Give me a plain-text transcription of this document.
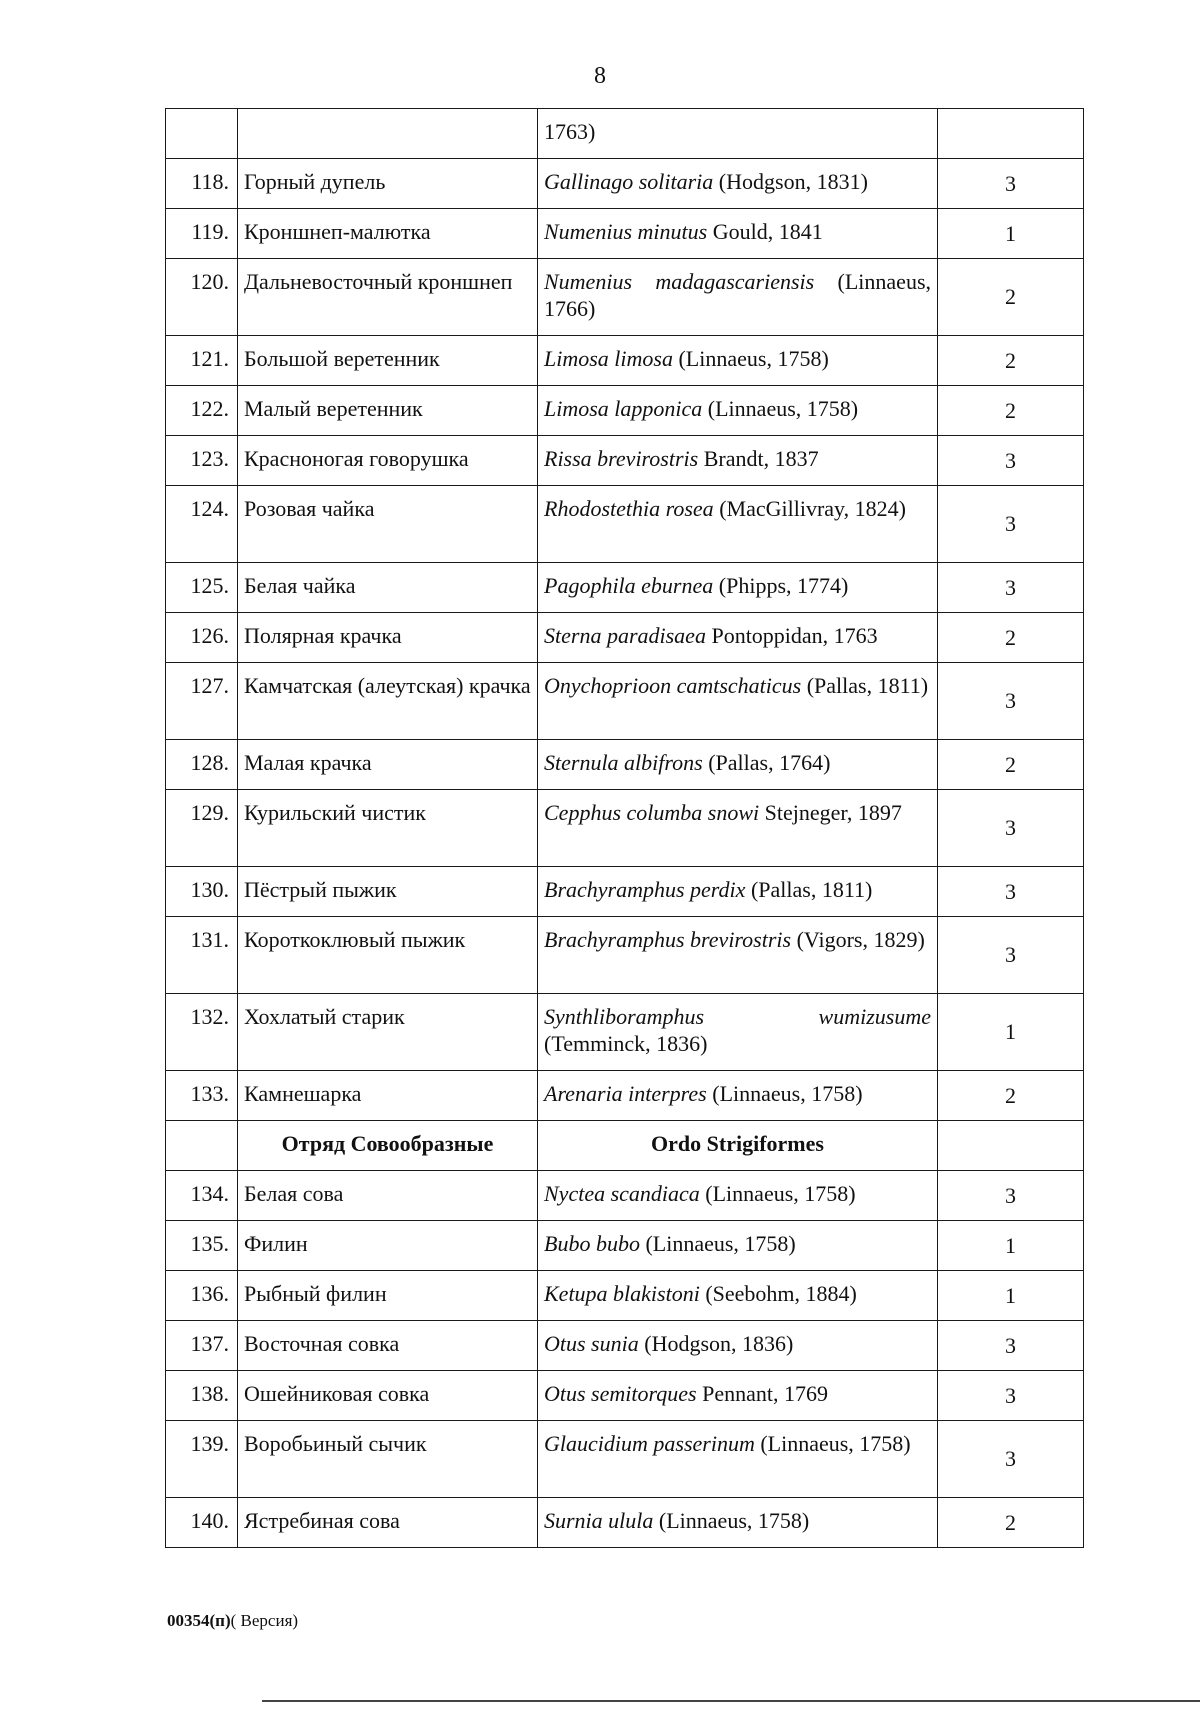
8
		1763)	
118.	Горный дупель	Gallinago solitaria (Hodgson, 1831)	3
119.	Кроншнеп-малютка	Numenius minutus Gould, 1841	1
120.	Дальневосточный кроншнеп	Numenius madagascariensis (Linnaeus, 1766)	2
121.	Большой веретенник	Limosa limosa (Linnaeus, 1758)	2
122.	Малый веретенник	Limosa lapponica (Linnaeus, 1758)	2
123.	Красноногая говорушка	Rissa brevirostris Brandt, 1837	3
124.	Розовая чайка	Rhodostethia rosea (MacGillivray, 1824)	3
125.	Белая чайка	Pagophila eburnea (Phipps, 1774)	3
126.	Полярная крачка	Sterna paradisaea Pontoppidan, 1763	2
127.	Камчатская (алеутская) крачка	Onychoprioon camtschaticus (Pallas, 1811)	3
128.	Малая крачка	Sternula albifrons (Pallas, 1764)	2
129.	Курильский чистик	Cepphus columba snowi Stejneger, 1897	3
130.	Пёстрый пыжик	Brachyramphus perdix (Pallas, 1811)	3
131.	Короткоклювый пыжик	Brachyramphus brevirostris (Vigors, 1829)	3
132.	Хохлатый старик	Synthliboramphus wumizusume (Temminck, 1836)	1
133.	Камнешарка	Arenaria interpres (Linnaeus, 1758)	2
	Отряд Совообразные	Ordo Strigiformes	
134.	Белая сова	Nyctea scandiaca (Linnaeus, 1758)	3
135.	Филин	Bubo bubo (Linnaeus, 1758)	1
136.	Рыбный филин	Ketupa blakistoni (Seebohm, 1884)	1
137.	Восточная совка	Otus sunia (Hodgson, 1836)	3
138.	Ошейниковая совка	Otus semitorques Pennant, 1769	3
139.	Воробьиный сычик	Glaucidium passerinum (Linnaeus, 1758)	3
140.	Ястребиная сова	Surnia ulula (Linnaeus, 1758)	2
00354(п)( Версия)
